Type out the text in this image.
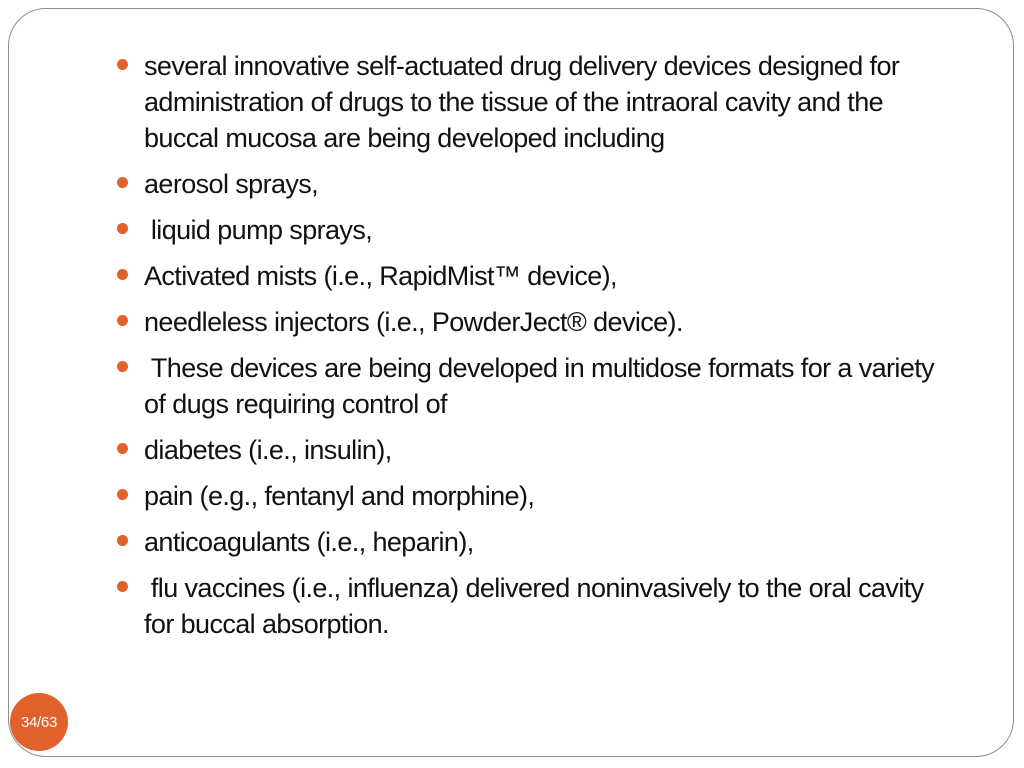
several innovative self-actuated drug delivery devices designed for administration of drugs to the tissue of the intraoral cavity and the buccal mucosa are being developed including
aerosol sprays,
liquid pump sprays,
Activated mists (i.e., RapidMist™ device),
needleless injectors (i.e., PowderJect® device).
These devices are being developed in multidose formats for a variety of dugs requiring control of
diabetes (i.e., insulin),
pain (e.g., fentanyl and morphine),
anticoagulants (i.e., heparin),
flu vaccines (i.e., influenza) delivered noninvasively to the oral cavity for buccal absorption.
34/63
